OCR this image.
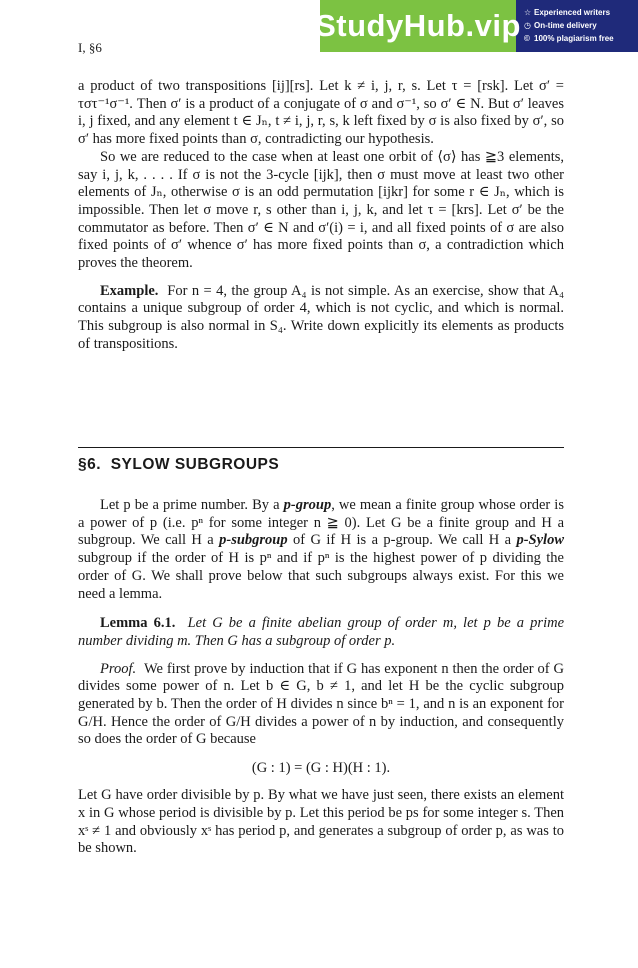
StudyHub.vip ☆ Experienced writers
◷ On-time delivery
© 100% plagiarism free

I, §6

a product of two transpositions [ij][rs]. Let k ≠ i, j, r, s. Let τ = [rsk]. Let σ′ = τστ⁻¹σ⁻¹. Then σ′ is a product of a conjugate of σ and σ⁻¹, so σ′ ∈ N. But σ′ leaves i, j fixed, and any element t ∈ Jₙ, t ≠ i, j, r, s, k left fixed by σ is also fixed by σ′, so σ′ has more fixed points than σ, contradicting our hypothesis.

So we are reduced to the case when at least one orbit of ⟨σ⟩ has ≧3 elements, say i, j, k, . . . . If σ is not the 3-cycle [ijk], then σ must move at least two other elements of Jₙ, otherwise σ is an odd permutation [ijkr] for some r ∈ Jₙ, which is impossible. Then let σ move r, s other than i, j, k, and let τ = [krs]. Let σ′ be the commutator as before. Then σ′ ∈ N and σ′(i) = i, and all fixed points of σ are also fixed points of σ′ whence σ′ has more fixed points than σ, a contradiction which proves the theorem.

Example. For n = 4, the group A₄ is not simple. As an exercise, show that A₄ contains a unique subgroup of order 4, which is not cyclic, and which is normal. This subgroup is also normal in S₄. Write down explicitly its elements as products of transpositions.

§6. SYLOW SUBGROUPS

Let p be a prime number. By a p-group, we mean a finite group whose order is a power of p (i.e. pⁿ for some integer n ≧ 0). Let G be a finite group and H a subgroup. We call H a p-subgroup of G if H is a p-group. We call H a p-Sylow subgroup if the order of H is pⁿ and if pⁿ is the highest power of p dividing the order of G. We shall prove below that such subgroups always exist. For this we need a lemma.

Lemma 6.1. Let G be a finite abelian group of order m, let p be a prime number dividing m. Then G has a subgroup of order p.

Proof. We first prove by induction that if G has exponent n then the order of G divides some power of n. Let b ∈ G, b ≠ 1, and let H be the cyclic subgroup generated by b. Then the order of H divides n since bⁿ = 1, and n is an exponent for G/H. Hence the order of G/H divides a power of n by induction, and consequently so does the order of G because

(G : 1) = (G : H)(H : 1).

Let G have order divisible by p. By what we have just seen, there exists an element x in G whose period is divisible by p. Let this period be ps for some integer s. Then xˢ ≠ 1 and obviously xˢ has period p, and generates a subgroup of order p, as was to be shown.
